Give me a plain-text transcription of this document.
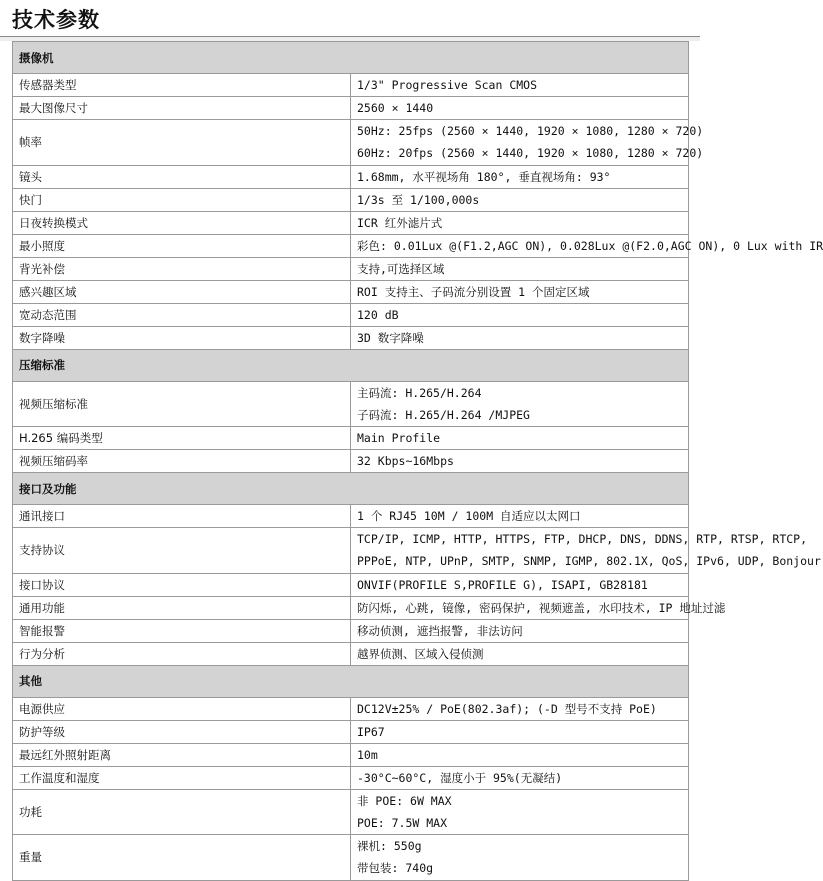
技术参数
摄像机	
传感器类型	1/3" Progressive Scan CMOS

最大图像尺寸	2560 × 1440

帧率	50Hz: 25fps (2560 × 1440, 1920 × 1080, 1280 × 720)
60Hz: 20fps (2560 × 1440, 1920 × 1080, 1280 × 720)

镜头	1.68mm, 水平视场角 180°, 垂直视场角: 93°

快门	1/3s 至 1/100,000s

日夜转换模式	ICR 红外滤片式

最小照度	彩色: 0.01Lux @(F1.2,AGC ON), 0.028Lux @(F2.0,AGC ON), 0 Lux with IR

背光补偿	支持,可选择区域

感兴趣区域	ROI 支持主、子码流分别设置 1 个固定区域

宽动态范围	120 dB

数字降噪	3D 数字降噪

压缩标准	
视频压缩标准	主码流: H.265/H.264
子码流: H.265/H.264 /MJPEG

H.265 编码类型	Main Profile

视频压缩码率	32 Kbps~16Mbps

接口及功能	
通讯接口	1 个 RJ45 10M / 100M 自适应以太网口

支持协议	TCP/IP, ICMP, HTTP, HTTPS, FTP, DHCP, DNS, DDNS, RTP, RTSP, RTCP,
PPPoE, NTP, UPnP, SMTP, SNMP, IGMP, 802.1X, QoS, IPv6, UDP, Bonjour

接口协议	ONVIF(PROFILE S,PROFILE G), ISAPI, GB28181

通用功能	防闪烁, 心跳, 镜像, 密码保护, 视频遮盖, 水印技术, IP 地址过滤

智能报警	移动侦测, 遮挡报警, 非法访问

行为分析	越界侦测、区域入侵侦测

其他	
电源供应	DC12V±25% / PoE(802.3af); (-D 型号不支持 PoE)

防护等级	IP67

最远红外照射距离	10m

工作温度和湿度	-30°C~60°C, 湿度小于 95%(无凝结)

功耗	非 POE: 6W MAX
POE: 7.5W MAX

重量	裸机: 550g
带包装: 740g
